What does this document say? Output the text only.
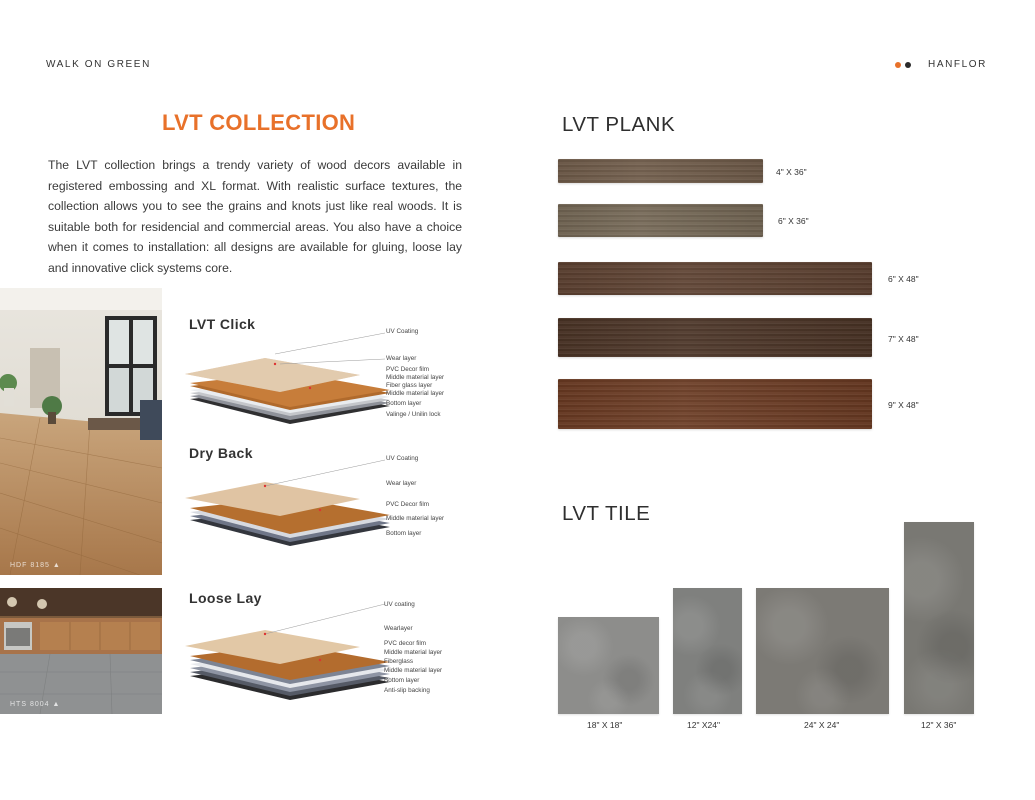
WALK ON GREEN	HANFLOR
LVT COLLECTION
The LVT collection brings a trendy variety of wood decors available in registered embossing and XL format. With realistic surface textures, the collection allows you to see the grains and knots just like real woods. It is suitable both for residencial and commercial areas. You also have a choice when it comes to installation: all designs are available for gluing, loose lay and innovative click systems core.
HDF 8185 ▲
HTS 8004 ▲
LVT Click	UV Coating
Wear layer
PVC Decor film
Middle material layer
Fiber glass layer
Middle material layer
Bottom layer
Valinge / Unilin lock
Dry Back	UV Coating
Wear layer
PVC Decor film
Middle material layer
Bottom layer
Loose Lay	UV coating
Wearlayer
PVC decor film
Middle material layer
Fiberglass
Middle material layer
Bottom layer
Anti-slip backing
LVT PLANK
4" X 36"
6" X 36"
6" X 48"
7" X 48"
9" X 48"
LVT TILE
18" X 18"	12" X24"	24" X 24"	12" X 36"
